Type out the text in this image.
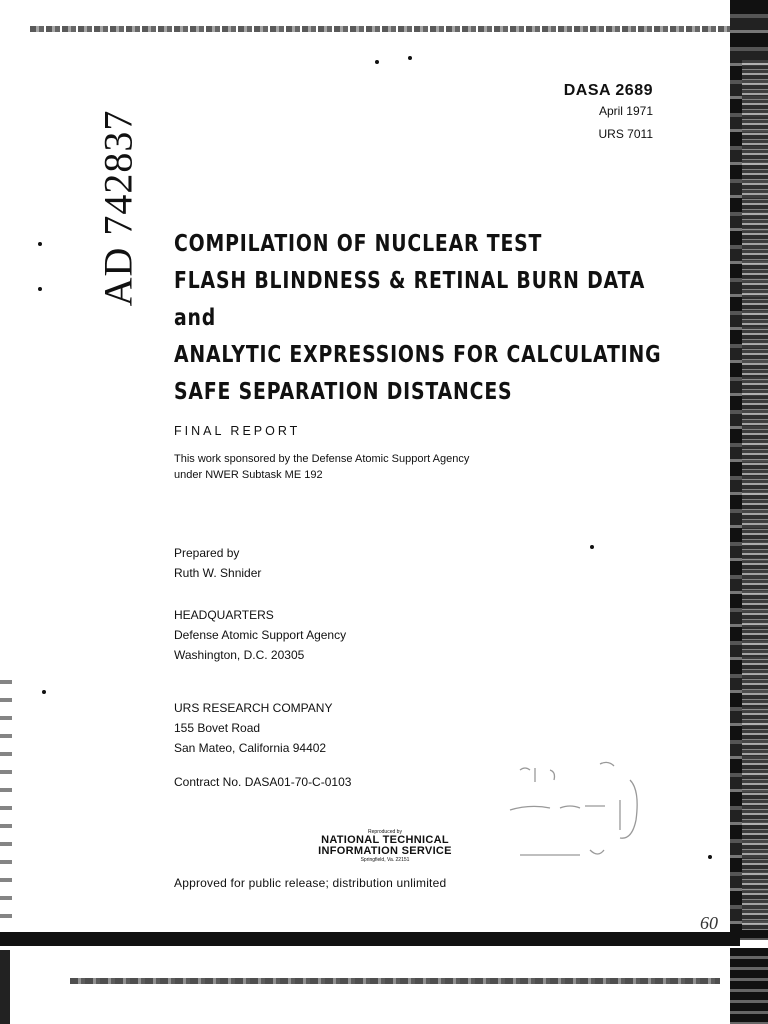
DASA 2689
April 1971
URS 7011
AD 742837 COMPILATION OF NUCLEAR TEST
FLASH BLINDNESS & RETINAL BURN DATA
and
ANALYTIC EXPRESSIONS FOR CALCULATING
SAFE SEPARATION DISTANCES
FINAL REPORT
This work sponsored by the Defense Atomic Support Agency
under NWER Subtask ME 192
Prepared by
Ruth W. Shnider
HEADQUARTERS
Defense Atomic Support Agency
Washington, D.C. 20305
URS RESEARCH COMPANY
155 Bovet Road
San Mateo, California 94402
Contract No. DASA01-70-C-0103
Reproduced by
NATIONAL TECHNICAL
INFORMATION SERVICE
Springfield, Va. 22151
Approved for public release; distribution unlimited
60
